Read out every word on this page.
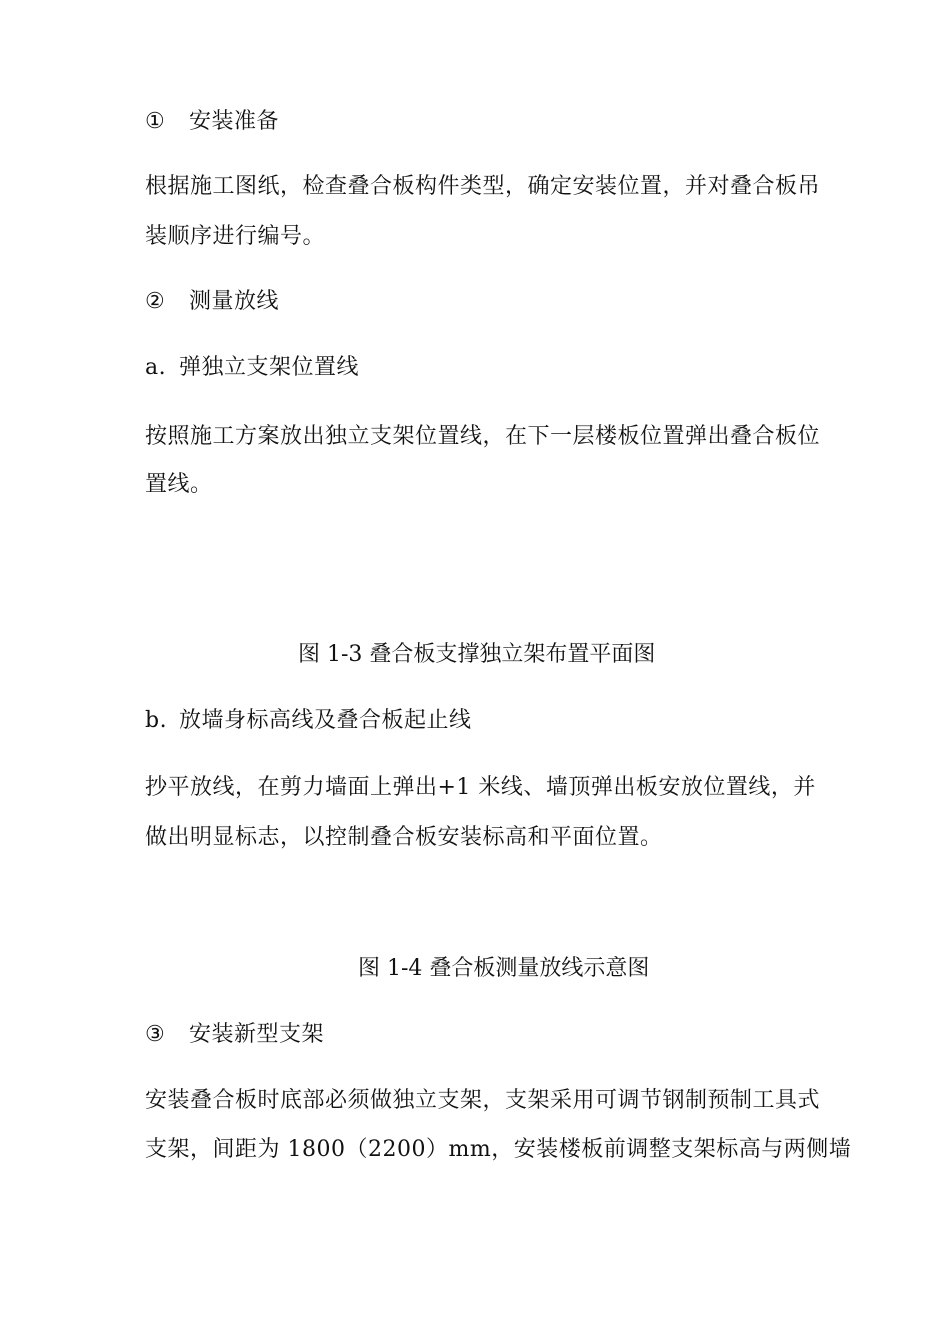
① 安装准备
根据施工图纸，检查叠合板构件类型，确定安装位置，并对叠合板吊
装顺序进行编号。
② 测量放线
a. 弹独立支架位置线
按照施工方案放出独立支架位置线，在下一层楼板位置弹出叠合板位
置线。
图 1-3 叠合板支撑独立架布置平面图
b. 放墙身标高线及叠合板起止线
抄平放线，在剪力墙面上弹出+1 米线、墙顶弹出板安放位置线，并
做出明显标志，以控制叠合板安装标高和平面位置。
图 1-4 叠合板测量放线示意图
③ 安装新型支架
安装叠合板时底部必须做独立支架，支架采用可调节钢制预制工具式
支架，间距为 1800（2200）mm，安装楼板前调整支架标高与两侧墙
